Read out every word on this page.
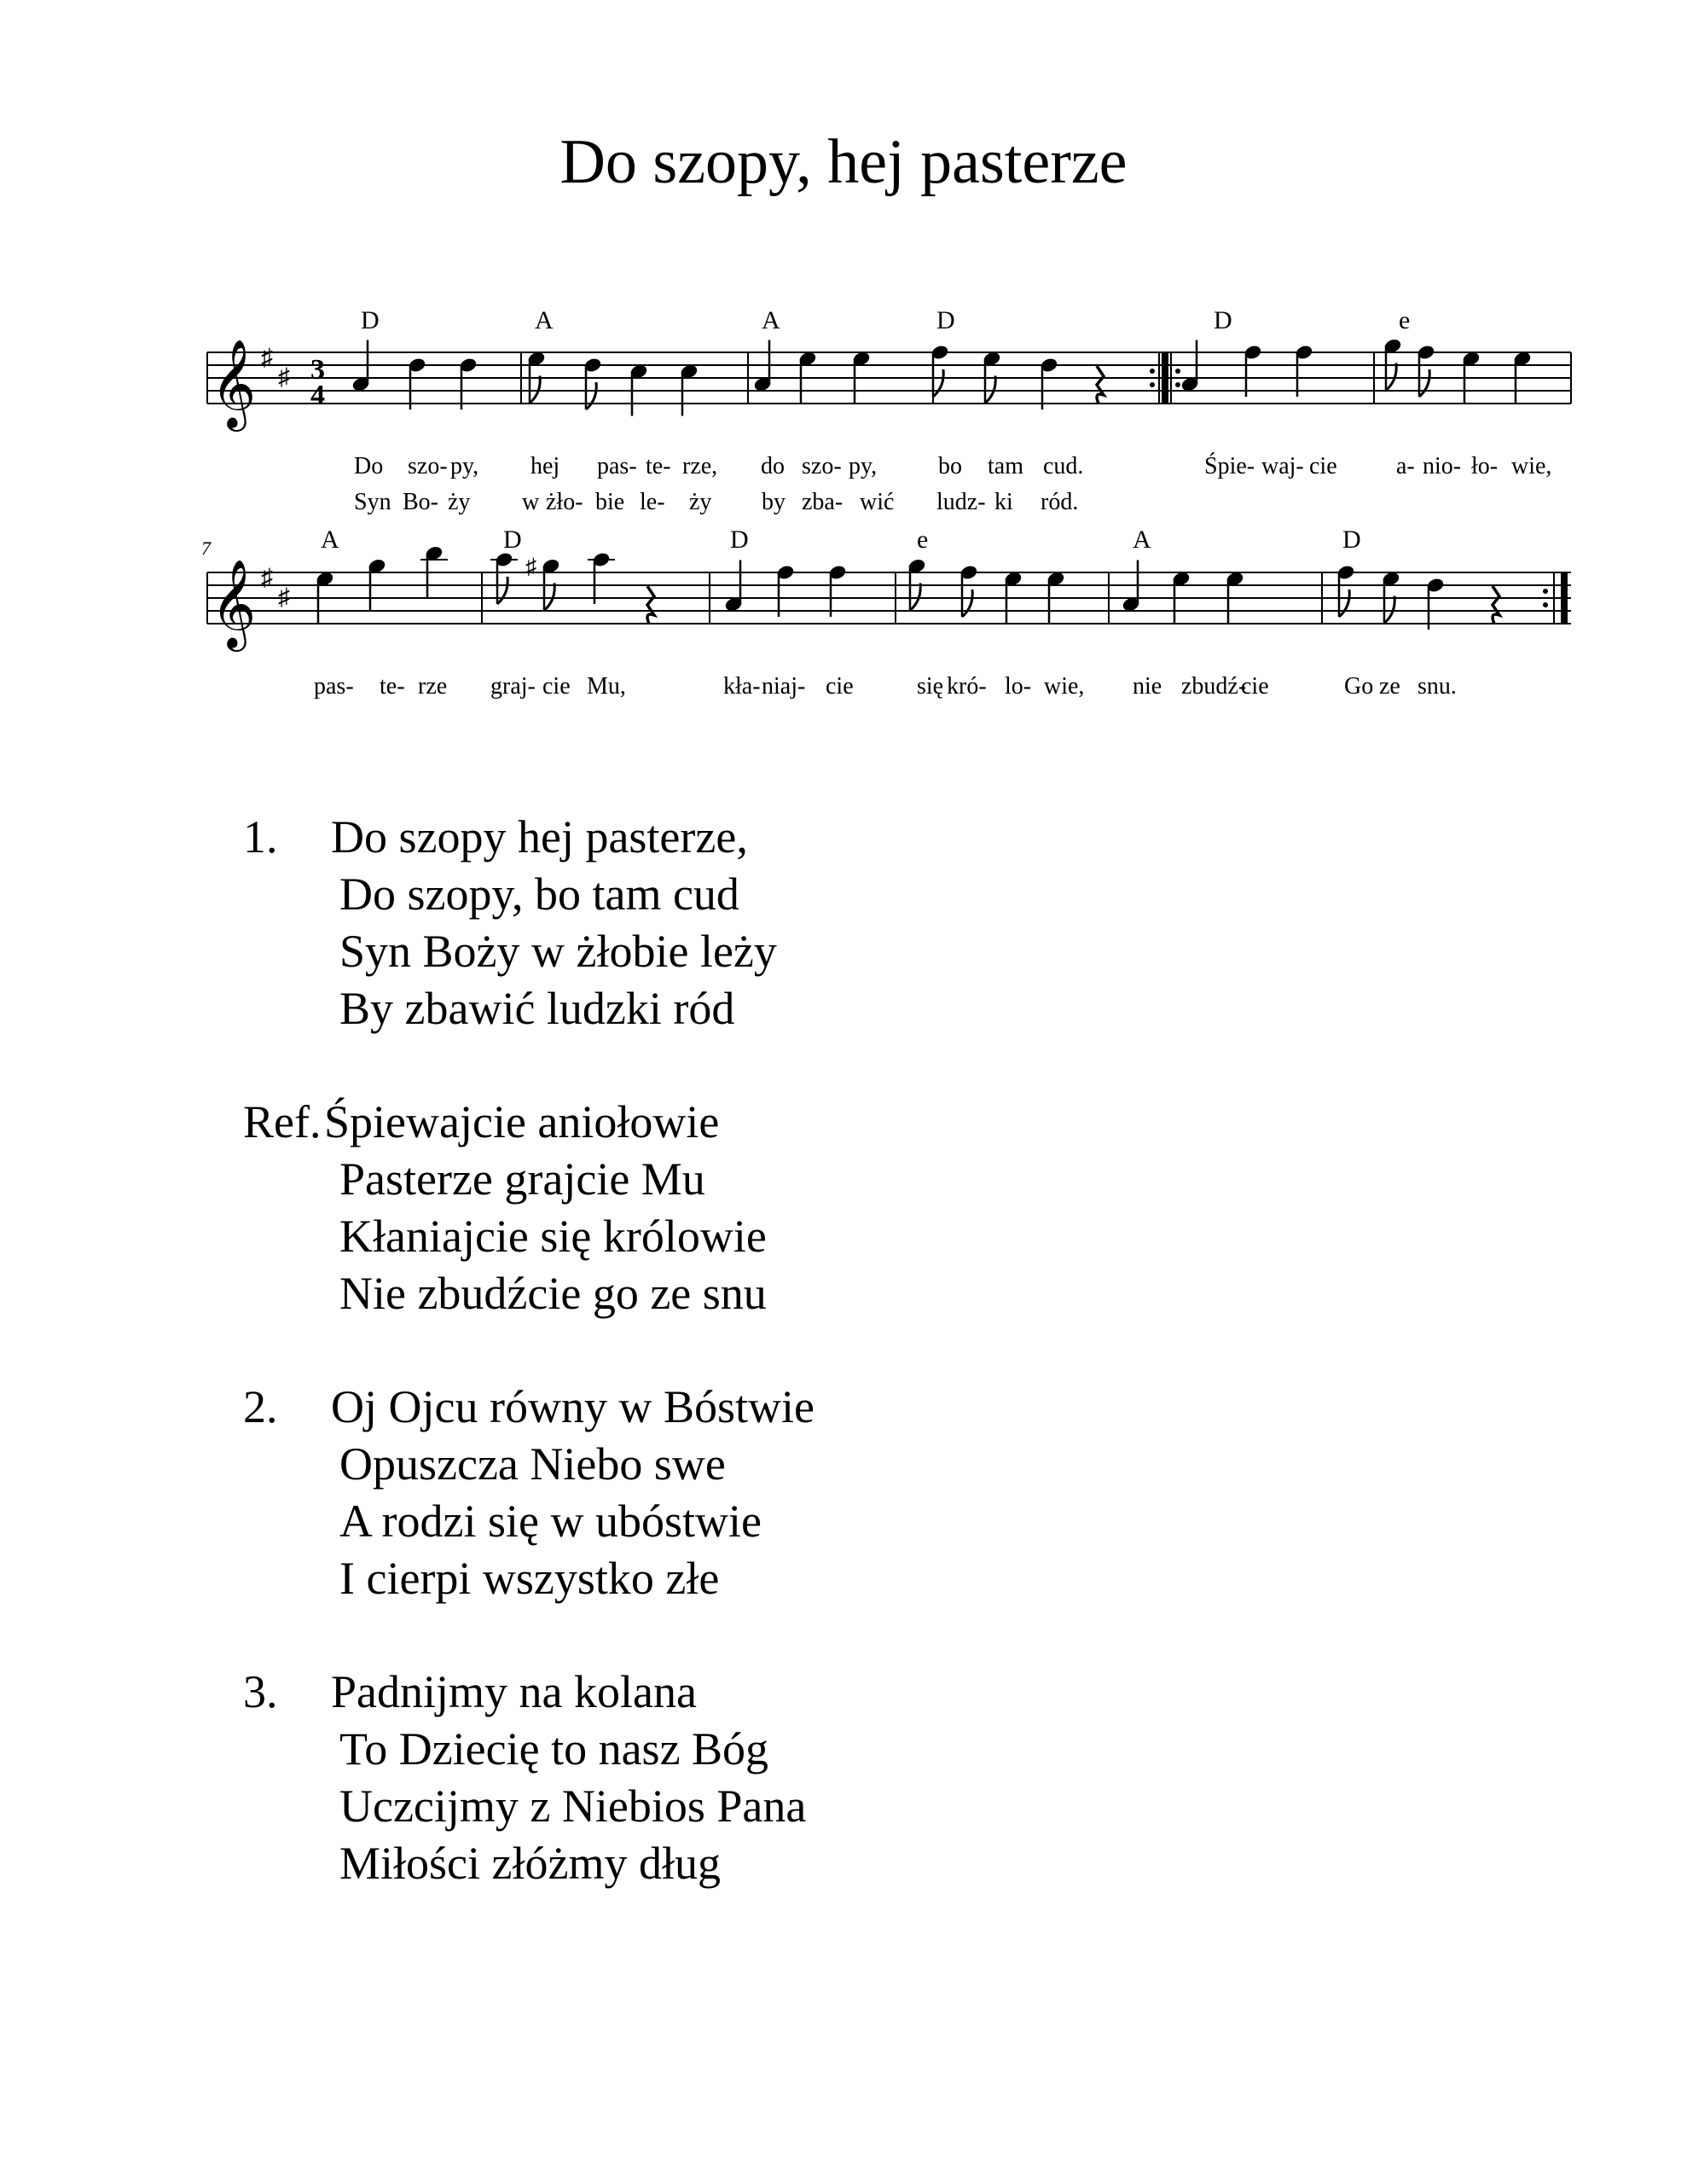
Do szopy, hej pasterze
𝄞 ♯
♯ 3
4
D	A	A	D	D	e
Do szo- py, hej pas- te- rze, do szo- py,	bo tam cud.	Śpie- waj- cie a- nio- ło- wie,
Syn Bo- ży w żło- bie le- ży by zba- wić ludz- ki ród.
7
𝄞 ♯
♯
♯
A	D	D	e	A	D
pas- te- rze graj- cie Mu,	kła- niaj- cie	się kró- lo- wie, nie zbudź-
cie	Go ze snu.
1. Do szopy hej pasterze,
Do szopy, bo tam cud
Syn Boży w żłobie leży
By zbawić ludzki ród
Ref. Śpiewajcie aniołowie
Pasterze grajcie Mu
Kłaniajcie się królowie
Nie zbudźcie go ze snu
2. Oj Ojcu równy w Bóstwie
Opuszcza Niebo swe
A rodzi się w ubóstwie
I cierpi wszystko złe
3. Padnijmy na kolana
To Dziecię to nasz Bóg
Uczcijmy z Niebios Pana
Miłości złóżmy dług
